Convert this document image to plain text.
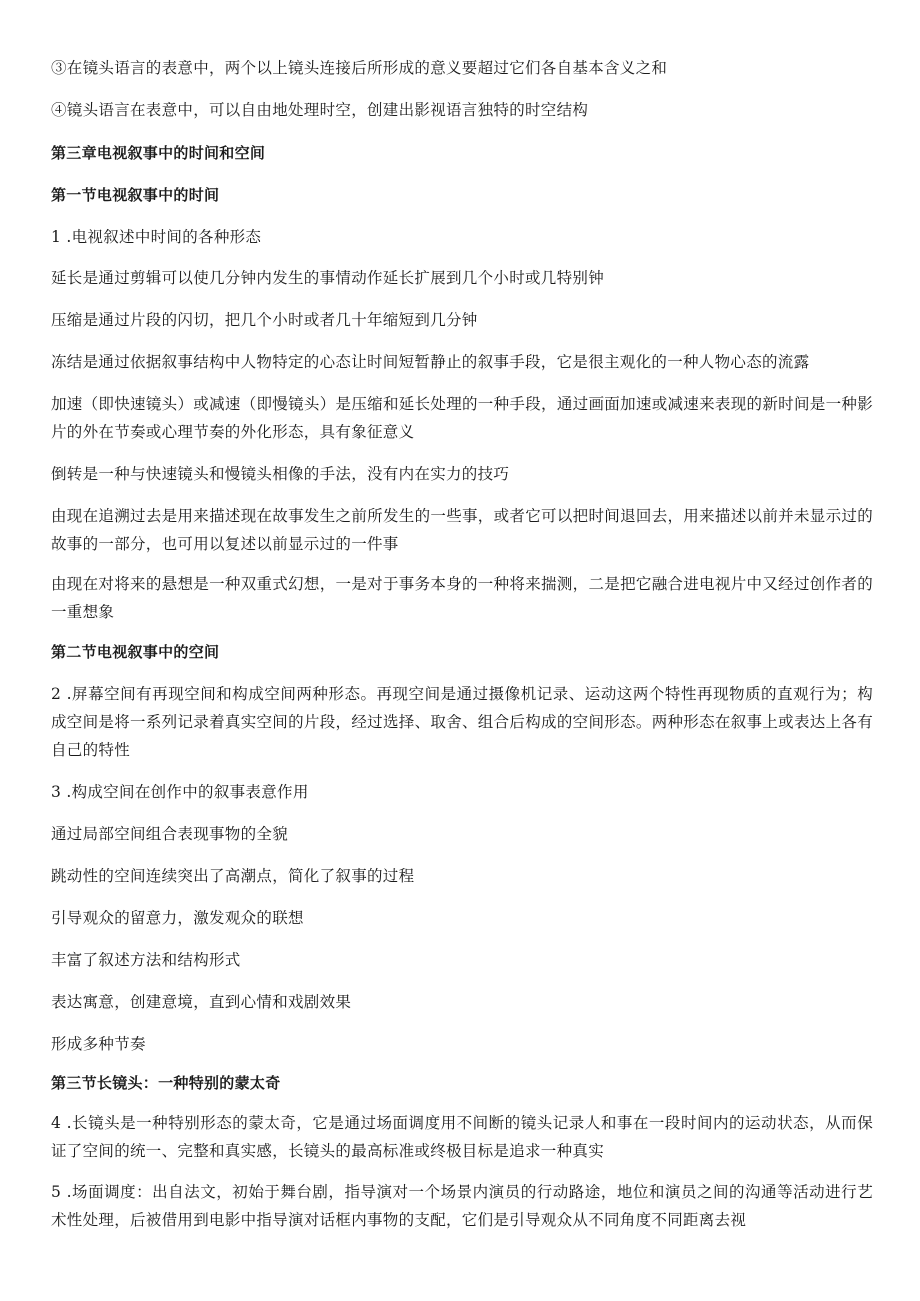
③在镜头语言的表意中，两个以上镜头连接后所形成的意义要超过它们各自基本含义之和
④镜头语言在表意中，可以自由地处理时空，创建出影视语言独特的时空结构
第三章电视叙事中的时间和空间
第一节电视叙事中的时间
1 .电视叙述中时间的各种形态
延长是通过剪辑可以使几分钟内发生的事情动作延长扩展到几个小时或几特别钟
压缩是通过片段的闪切，把几个小时或者几十年缩短到几分钟
冻结是通过依据叙事结构中人物特定的心态让时间短暂静止的叙事手段，它是很主观化的一种人物心态的流露
加速（即快速镜头）或减速（即慢镜头）是压缩和延长处理的一种手段，通过画面加速或减速来表现的新时间是一种影片的外在节奏或心理节奏的外化形态，具有象征意义
倒转是一种与快速镜头和慢镜头相像的手法，没有内在实力的技巧
由现在追溯过去是用来描述现在故事发生之前所发生的一些事，或者它可以把时间退回去，用来描述以前并未显示过的故事的一部分，也可用以复述以前显示过的一件事
由现在对将来的悬想是一种双重式幻想，一是对于事务本身的一种将来揣测，二是把它融合进电视片中又经过创作者的一重想象
第二节电视叙事中的空间
2 .屏幕空间有再现空间和构成空间两种形态。再现空间是通过摄像机记录、运动这两个特性再现物质的直观行为；构成空间是将一系列记录着真实空间的片段，经过选择、取舍、组合后构成的空间形态。两种形态在叙事上或表达上各有自己的特性
3 .构成空间在创作中的叙事表意作用
通过局部空间组合表现事物的全貌
跳动性的空间连续突出了高潮点，简化了叙事的过程
引导观众的留意力，激发观众的联想
丰富了叙述方法和结构形式
表达寓意，创建意境，直到心情和戏剧效果
形成多种节奏
第三节长镜头：一种特别的蒙太奇
4 .长镜头是一种特别形态的蒙太奇，它是通过场面调度用不间断的镜头记录人和事在一段时间内的运动状态，从而保证了空间的统一、完整和真实感，长镜头的最高标准或终极目标是追求一种真实
5 .场面调度：出自法文，初始于舞台剧，指导演对一个场景内演员的行动路途，地位和演员之间的沟通等活动进行艺术性处理，后被借用到电影中指导演对话框内事物的支配，它们是引导观众从不同角度不同距离去视
